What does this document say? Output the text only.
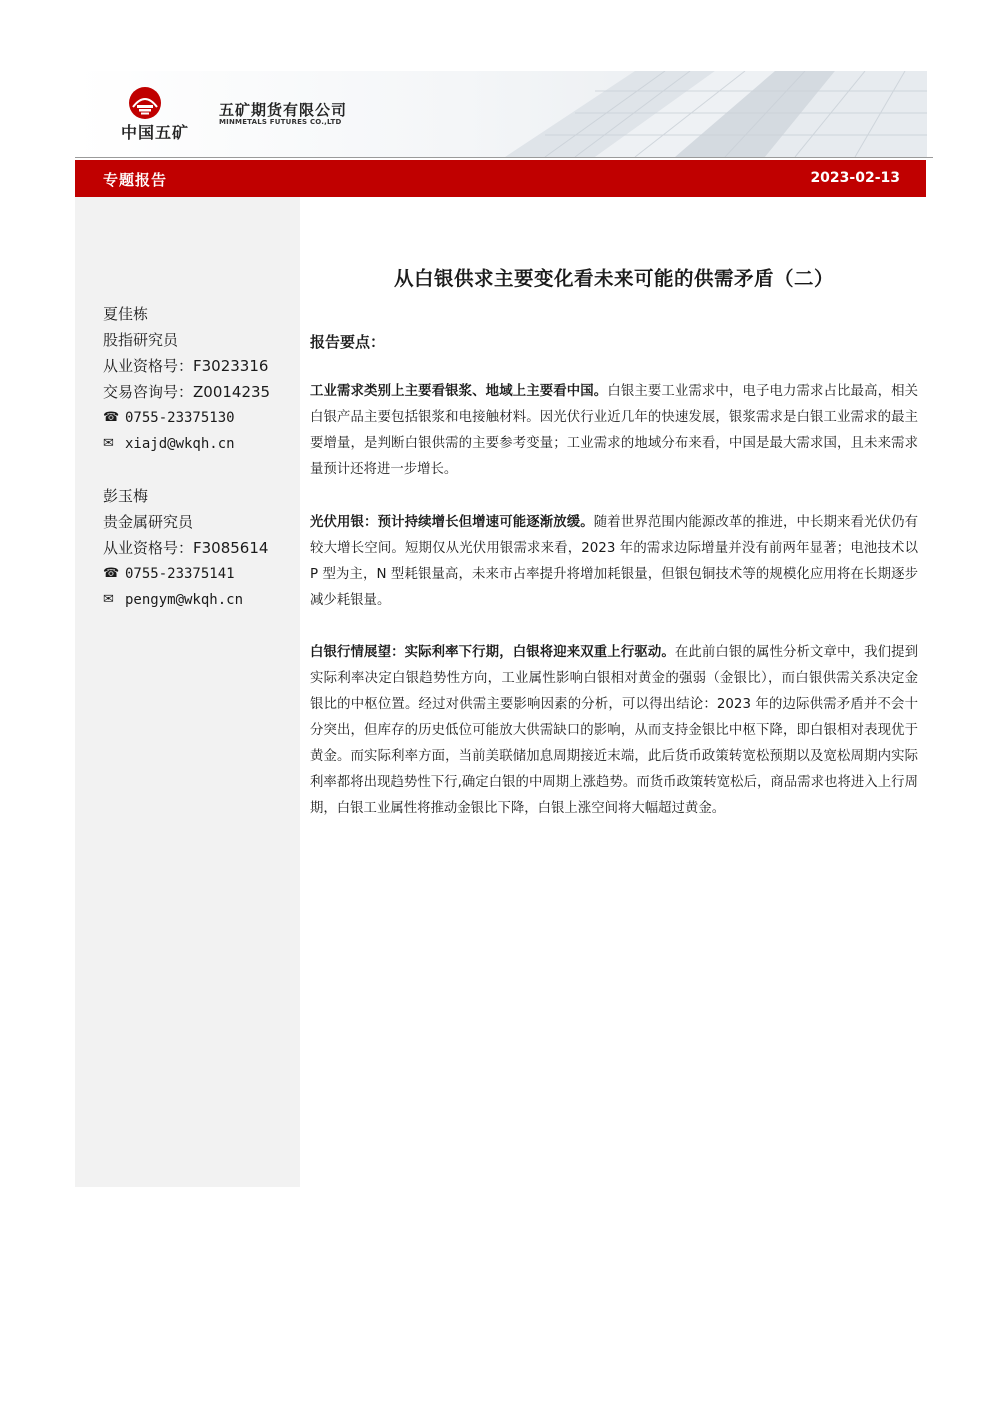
中国五矿
五矿期货有限公司
MINMETALS FUTURES CO.,LTD
专题报告	2023-02-13
夏佳栋
股指研究员
从业资格号：F3023316
交易咨询号：Z0014235
☎ 0755-23375130
✉ xiajd@wkqh.cn
彭玉梅
贵金属研究员
从业资格号：F3085614
☎ 0755-23375141
✉ pengym@wkqh.cn
从白银供求主要变化看未来可能的供需矛盾（二）
报告要点：
工业需求类别上主要看银浆、地域上主要看中国。白银主要工业需求中，电子电力需求占比最高，相关白银产品主要包括银浆和电接触材料。因光伏行业近几年的快速发展，银浆需求是白银工业需求的最主要增量，是判断白银供需的主要参考变量；工业需求的地域分布来看，中国是最大需求国，且未来需求量预计还将进一步增长。
光伏用银：预计持续增长但增速可能逐渐放缓。随着世界范围内能源改革的推进，中长期来看光伏仍有较大增长空间。短期仅从光伏用银需求来看，2023 年的需求边际增量并没有前两年显著；电池技术以 P 型为主，N 型耗银量高，未来市占率提升将增加耗银量，但银包铜技术等的规模化应用将在长期逐步减少耗银量。
白银行情展望：实际利率下行期，白银将迎来双重上行驱动。在此前白银的属性分析文章中，我们提到实际利率决定白银趋势性方向，工业属性影响白银相对黄金的强弱（金银比），而白银供需关系决定金银比的中枢位置。经过对供需主要影响因素的分析，可以得出结论：2023 年的边际供需矛盾并不会十分突出，但库存的历史低位可能放大供需缺口的影响，从而支持金银比中枢下降，即白银相对表现优于黄金。而实际利率方面，当前美联储加息周期接近末端，此后货币政策转宽松预期以及宽松周期内实际利率都将出现趋势性下行,确定白银的中周期上涨趋势。而货币政策转宽松后，商品需求也将进入上行周期，白银工业属性将推动金银比下降，白银上涨空间将大幅超过黄金。
